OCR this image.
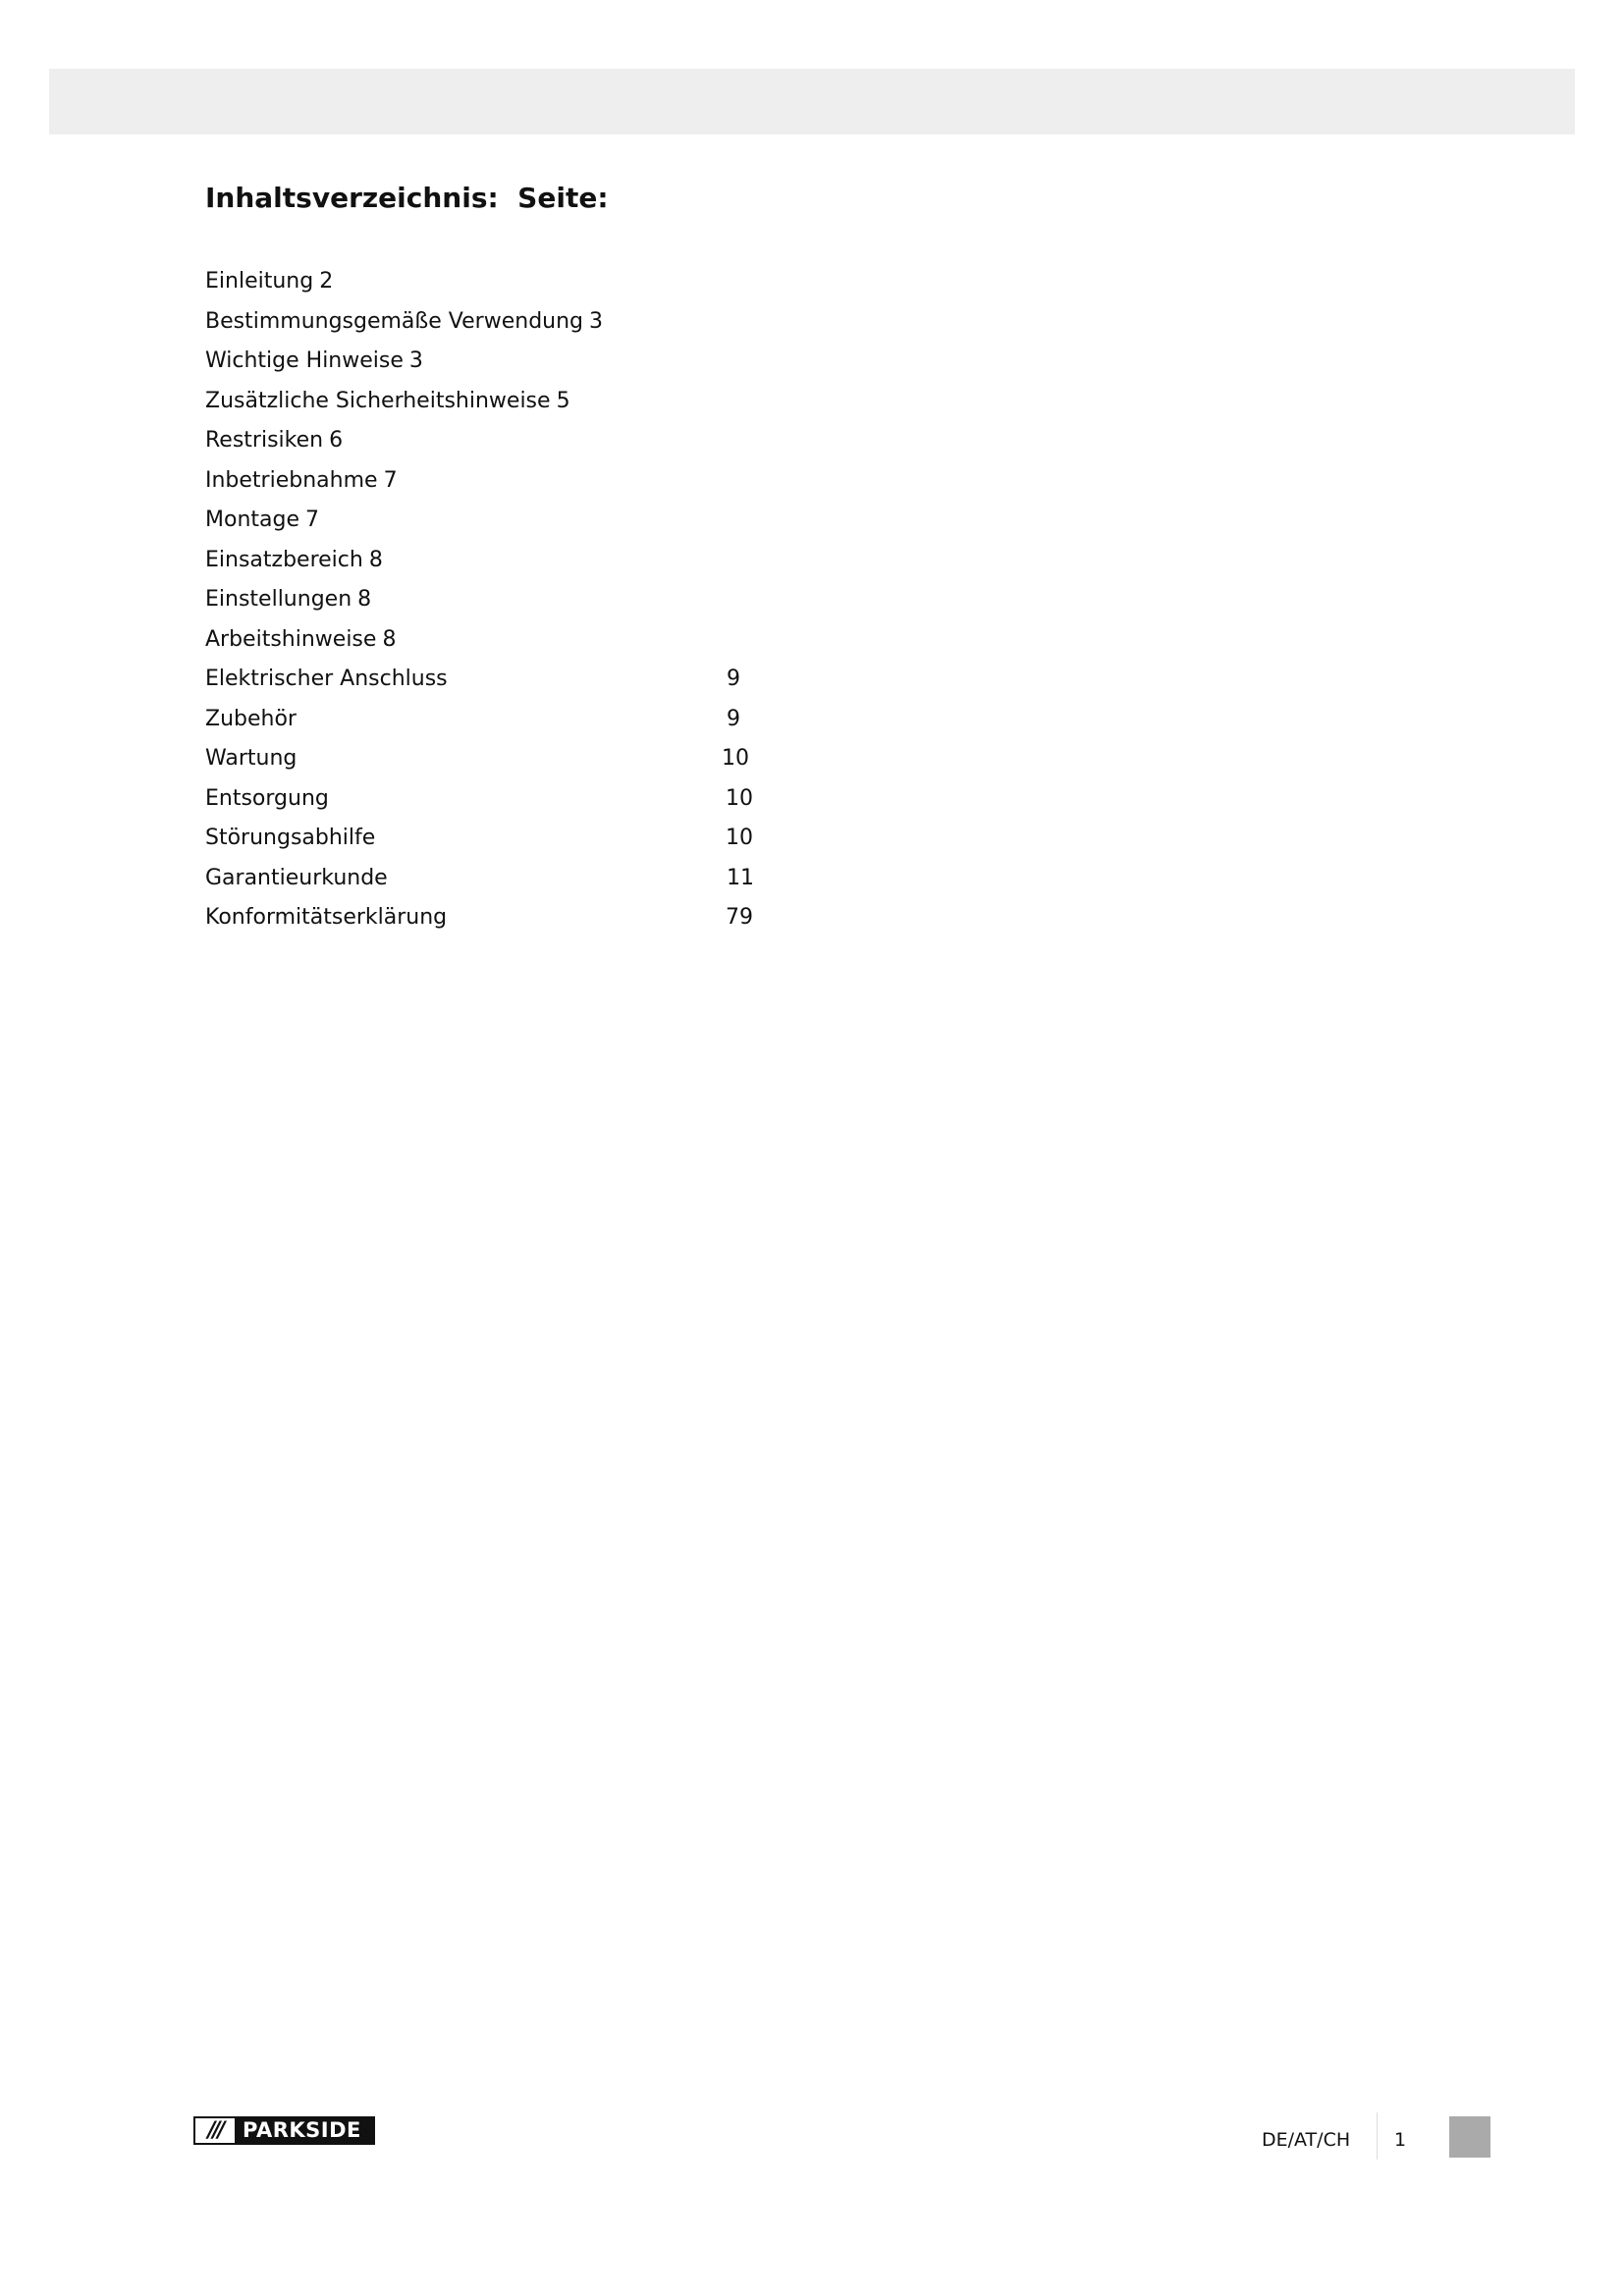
Inhaltsverzeichnis:  Seite:
Einleitung 2
Bestimmungsgemäße Verwendung 3
Wichtige Hinweise 3
Zusätzliche Sicherheitshinweise 5
Restrisiken 6
Inbetriebnahme 7
Montage 7
Einsatzbereich 8
Einstellungen 8
Arbeitshinweise 8
Elektrischer Anschluss	9
Zubehör	9
Wartung	10
Entsorgung	10
Störungsabhilfe	10
Garantieurkunde	11
Konformitätserklärung	79
/// PARKSIDE	DE/AT/CH 1
